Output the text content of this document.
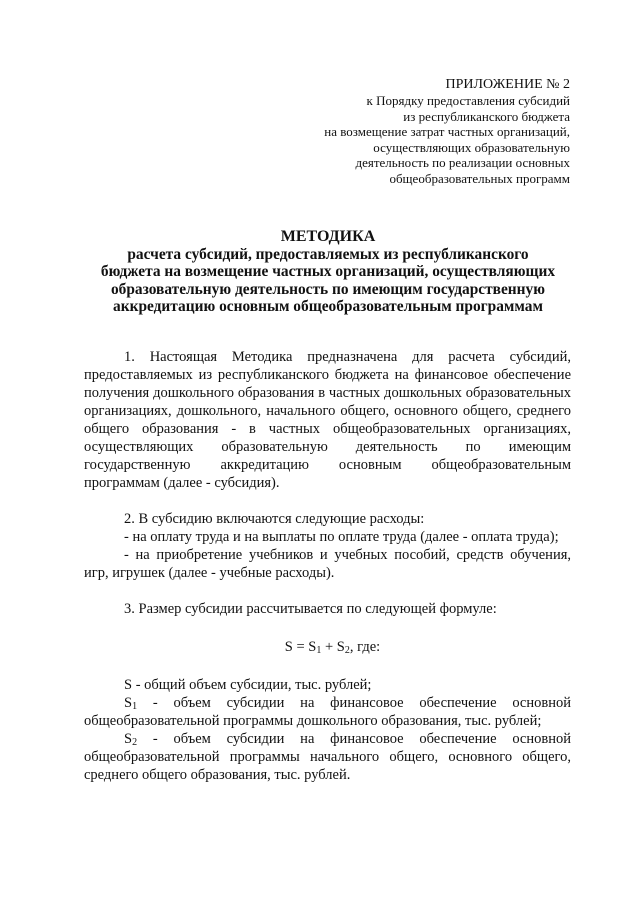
ПРИЛОЖЕНИЕ № 2
к Порядку предоставления субсидий
из республиканского бюджета
на возмещение затрат частных организаций,
осуществляющих образовательную
деятельность по реализации основных
общеобразовательных программ
МЕТОДИКА
расчета субсидий, предоставляемых из республиканского
бюджета на возмещение частных организаций, осуществляющих
образовательную деятельность по имеющим государственную
аккредитацию основным общеобразовательным программам

1. Настоящая Методика предназначена для расчета субсидий, предоставляемых из республиканского бюджета на финансовое обеспечение получения дошкольного образования в частных дошкольных образовательных организациях, дошкольного, начального общего, основного общего, среднего общего образования - в частных общеобразовательных организациях, осуществляющих образовательную деятельность по имеющим государственную аккредитацию основным общеобразовательным программам (далее - субсидия).

2. В субсидию включаются следующие расходы:

- на оплату труда и на выплаты по оплате труда (далее - оплата труда);

- на приобретение учебников и учебных пособий, средств обучения, игр, игрушек (далее - учебные расходы).

3. Размер субсидии рассчитывается по следующей формуле:

$S = S_1 + S_2$, где:

S - общий объем субсидии, тыс. рублей;

$S_1$ - объем субсидии на финансовое обеспечение основной общеобразовательной программы дошкольного образования, тыс. рублей;

$S_2$ - объем субсидии на финансовое обеспечение основной общеобразовательной программы начального общего, основного общего, среднего общего образования, тыс. рублей.
